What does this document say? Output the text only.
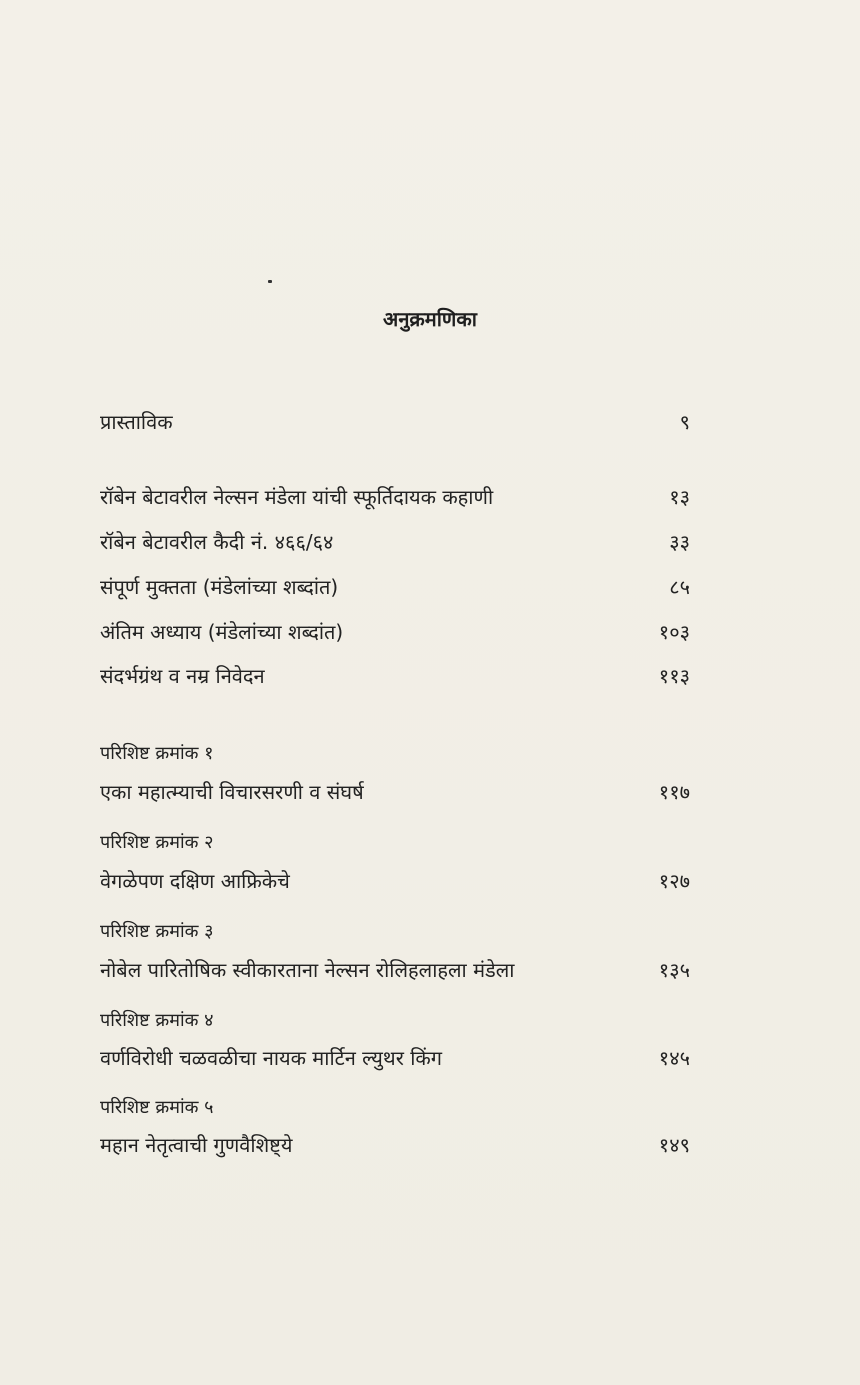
अनुक्रमणिका
प्रास्ताविक	९
रॉबेन बेटावरील नेल्सन मंडेला यांची स्फूर्तिदायक कहाणी	१३
रॉबेन बेटावरील कैदी नं. ४६६/६४	३३
संपूर्ण मुक्तता (मंडेलांच्या शब्दांत)	८५
अंतिम अध्याय (मंडेलांच्या शब्दांत)	१०३
संदर्भग्रंथ व नम्र निवेदन	११३
परिशिष्ट क्रमांक १
एका महात्म्याची विचारसरणी व संघर्ष	११७
परिशिष्ट क्रमांक २
वेगळेपण दक्षिण आफ्रिकेचे	१२७
परिशिष्ट क्रमांक ३
नोबेल पारितोषिक स्वीकारताना नेल्सन रोलिहलाहला मंडेला	१३५
परिशिष्ट क्रमांक ४
वर्णविरोधी चळवळीचा नायक मार्टिन ल्युथर किंग	१४५
परिशिष्ट क्रमांक ५
महान नेतृत्वाची गुणवैशिष्ट्ये	१४९
